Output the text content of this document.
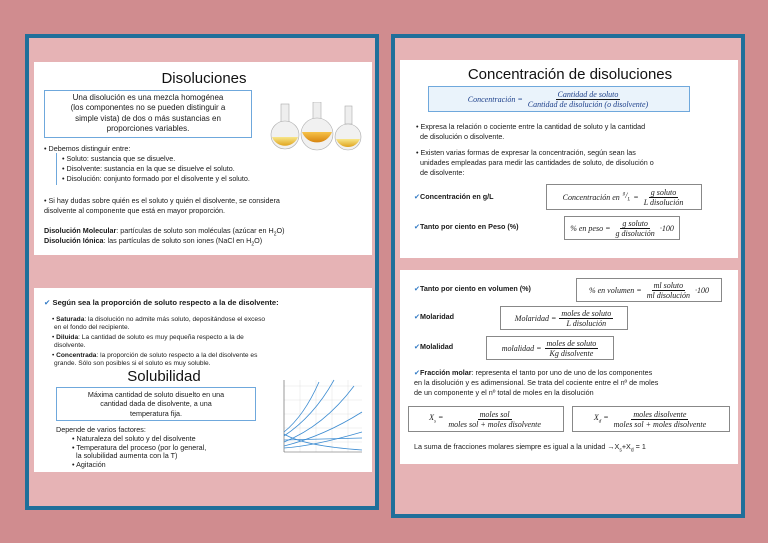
Disoluciones
Una disolución es una mezcla homogénea
(los componentes no se pueden distinguir a
simple vista) de dos o más sustancias en
proporciones variables.
• Debemos distinguir entre:
• Soluto: sustancia que se disuelve.
• Disolvente: sustancia en la que se disuelve el soluto.
• Disolución: conjunto formado por el disolvente y el soluto.
• Si hay dudas sobre quién es el soluto y quién el disolvente, se considera
disolvente al componente que está en mayor proporción.
Disolución Molecular: partículas de soluto son moléculas (azúcar en $H_2O$)
Disolución Iónica: las partículas de soluto son iones (NaCl en $H_2O$)
✔ Según sea la proporción de soluto respecto a la de disolvente:
• Saturada: la disolución no admite más soluto, depositándose el exceso
en el fondo del recipiente.
• Diluida: La cantidad de soluto es muy pequeña respecto a la de
disolvente.
• Concentrada: la proporción de soluto respecto a la del disolvente es
grande. Sólo son posibles si el soluto es muy soluble.
Solubilidad
Máxima cantidad de soluto disuelto en una
cantidad dada de disolvente, a una
temperatura fija.
Depende de varios factores:
• Naturaleza del soluto y del disolvente
• Temperatura del proceso (por lo general,
la solubilidad aumenta con la T)
• Agitación
Concentración de disoluciones
Concentración = $\frac{\text{Cantidad de soluto}}{\text{Cantidad de disolución (o disolvente)}}$
• Expresa la relación o cociente entre la cantidad de soluto y la cantidad
de disolución o disolvente.
• Existen varias formas de expresar la concentración, según sean las
unidades empleadas para medir las cantidades de soluto, de disolución o
de disolvente:
✔Concentración en g/L	Concentración en $^g/_L = \frac{\text{g soluto}}{\text{L disolución}}$
✔Tanto por ciento en Peso (%)	% en peso = $\frac{\text{g soluto}}{\text{g disolución}} \cdot 100$
✔Tanto por ciento en volumen (%)	% en volumen = $\frac{\text{ml soluto}}{\text{ml disolución}} \cdot 100$
✔Molaridad	Molaridad = $\frac{\text{moles de soluto}}{\text{L disolución}}$
✔Molalidad	molalidad = $\frac{\text{moles de soluto}}{\text{Kg disolvente}}$
✔Fracción molar: representa el tanto por uno de uno de los componentes
en la disolución y es adimensional. Se trata del cociente entre el nº de moles
de un componente y el nº total de moles en la disolución
$X_s = \frac{\text{moles sol}}{\text{moles sol + moles disolvente}}$	$X_d = \frac{\text{moles disolvente}}{\text{moles sol + moles disolvente}}$
La suma de fracciones molares siempre es igual a la unidad $\to X_s+X_d = 1$
